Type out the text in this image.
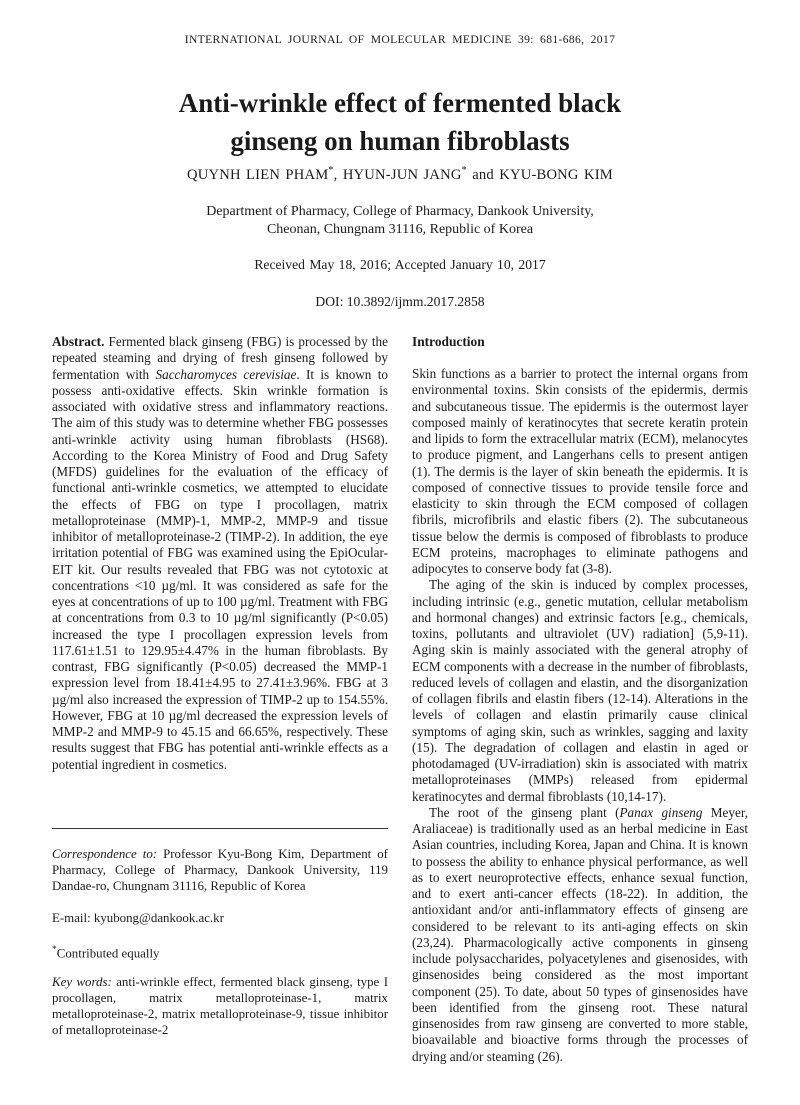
INTERNATIONAL JOURNAL OF MOLECULAR MEDICINE 39: 681-686, 2017
Anti-wrinkle effect of fermented black
ginseng on human fibroblasts
QUYNH LIEN PHAM*, HYUN-JUN JANG* and KYU-BONG KIM
Department of Pharmacy, College of Pharmacy, Dankook University,
Cheonan, Chungnam 31116, Republic of Korea
Received May 18, 2016; Accepted January 10, 2017
DOI: 10.3892/ijmm.2017.2858
Abstract. Fermented black ginseng (FBG) is processed by the repeated steaming and drying of fresh ginseng followed by fermentation with Saccharomyces cerevisiae. It is known to possess anti-oxidative effects. Skin wrinkle formation is associated with oxidative stress and inflammatory reactions. The aim of this study was to determine whether FBG possesses anti-wrinkle activity using human fibroblasts (HS68). According to the Korea Ministry of Food and Drug Safety (MFDS) guidelines for the evaluation of the efficacy of functional anti-wrinkle cosmetics, we attempted to elucidate the effects of FBG on type I procollagen, matrix metalloproteinase (MMP)-1, MMP-2, MMP-9 and tissue inhibitor of metalloproteinase-2 (TIMP-2). In addition, the eye irritation potential of FBG was examined using the EpiOcular-EIT kit. Our results revealed that FBG was not cytotoxic at concentrations <10 µg/ml. It was considered as safe for the eyes at concentrations of up to 100 µg/ml. Treatment with FBG at concentrations from 0.3 to 10 µg/ml significantly (P<0.05) increased the type I procollagen expression levels from 117.61±1.51 to 129.95±4.47% in the human fibroblasts. By contrast, FBG significantly (P<0.05) decreased the MMP-1 expression level from 18.41±4.95 to 27.41±3.96%. FBG at 3 µg/ml also increased the expression of TIMP-2 up to 154.55%. However, FBG at 10 µg/ml decreased the expression levels of MMP-2 and MMP-9 to 45.15 and 66.65%, respectively. These results suggest that FBG has potential anti-wrinkle effects as a potential ingredient in cosmetics.
Correspondence to: Professor Kyu-Bong Kim, Department of Pharmacy, College of Pharmacy, Dankook University, 119 Dandae-ro, Chungnam 31116, Republic of Korea
E-mail: kyubong@dankook.ac.kr
*Contributed equally
Key words: anti-wrinkle effect, fermented black ginseng, type I procollagen, matrix metalloproteinase-1, matrix metalloproteinase-2, matrix metalloproteinase-9, tissue inhibitor of metalloproteinase-2
Introduction

Skin functions as a barrier to protect the internal organs from environmental toxins. Skin consists of the epidermis, dermis and subcutaneous tissue. The epidermis is the outermost layer composed mainly of keratinocytes that secrete keratin protein and lipids to form the extracellular matrix (ECM), melanocytes to produce pigment, and Langerhans cells to present antigen (1). The dermis is the layer of skin beneath the epidermis. It is composed of connective tissues to provide tensile force and elasticity to skin through the ECM composed of collagen fibrils, microfibrils and elastic fibers (2). The subcutaneous tissue below the dermis is composed of fibroblasts to produce ECM proteins, macrophages to eliminate pathogens and adipocytes to conserve body fat (3-8).

The aging of the skin is induced by complex processes, including intrinsic (e.g., genetic mutation, cellular metabolism and hormonal changes) and extrinsic factors [e.g., chemicals, toxins, pollutants and ultraviolet (UV) radiation] (5,9-11). Aging skin is mainly associated with the general atrophy of ECM components with a decrease in the number of fibroblasts, reduced levels of collagen and elastin, and the disorganization of collagen fibrils and elastin fibers (12-14). Alterations in the levels of collagen and elastin primarily cause clinical symptoms of aging skin, such as wrinkles, sagging and laxity (15). The degradation of collagen and elastin in aged or photodamaged (UV-irradiation) skin is associated with matrix metalloproteinases (MMPs) released from epidermal keratinocytes and dermal fibroblasts (10,14-17).

The root of the ginseng plant (Panax ginseng Meyer, Araliaceae) is traditionally used as an herbal medicine in East Asian countries, including Korea, Japan and China. It is known to possess the ability to enhance physical performance, as well as to exert neuroprotective effects, enhance sexual function, and to exert anti-cancer effects (18-22). In addition, the antioxidant and/or anti-inflammatory effects of ginseng are considered to be relevant to its anti-aging effects on skin (23,24). Pharmacologically active components in ginseng include polysaccharides, polyacetylenes and gisenosides, with ginsenosides being considered as the most important component (25). To date, about 50 types of ginsenosides have been identified from the ginseng root. These natural ginsenosides from raw ginseng are converted to more stable, bioavailable and bioactive forms through the processes of drying and/or steaming (26).
